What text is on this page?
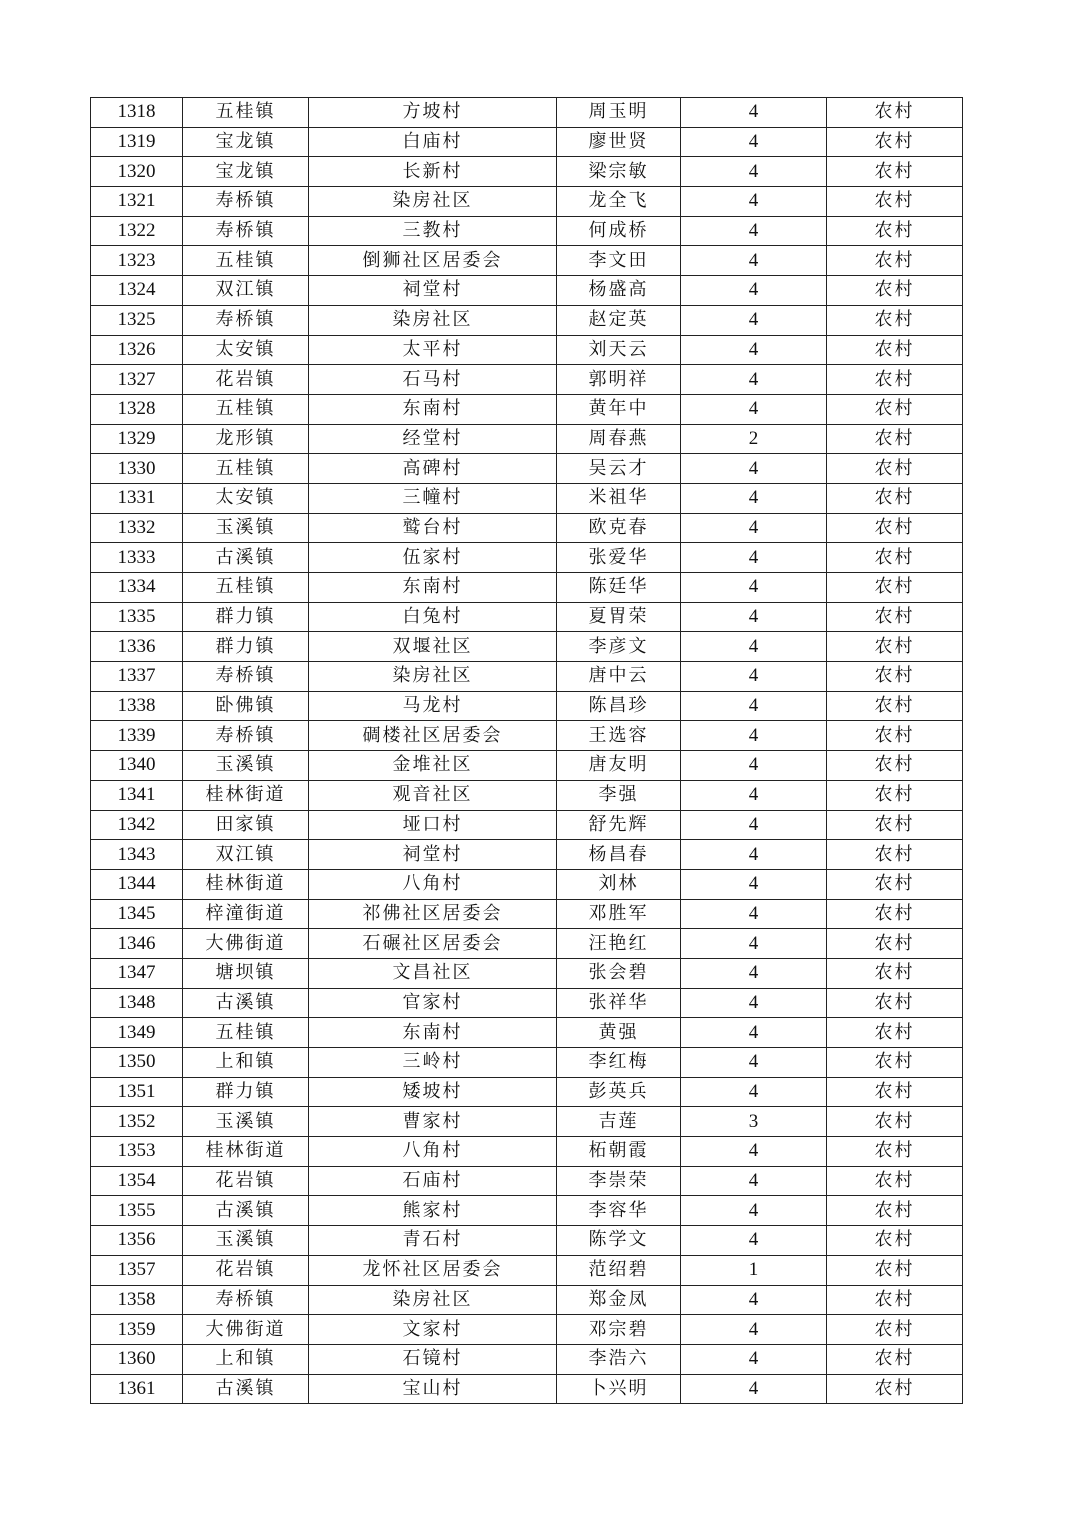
1318	五桂镇	方坡村	周玉明	4	农村
1319	宝龙镇	白庙村	廖世贤	4	农村
1320	宝龙镇	长新村	梁宗敏	4	农村
1321	寿桥镇	染房社区	龙全飞	4	农村
1322	寿桥镇	三教村	何成桥	4	农村
1323	五桂镇	倒狮社区居委会	李文田	4	农村
1324	双江镇	祠堂村	杨盛高	4	农村
1325	寿桥镇	染房社区	赵定英	4	农村
1326	太安镇	太平村	刘天云	4	农村
1327	花岩镇	石马村	郭明祥	4	农村
1328	五桂镇	东南村	黄年中	4	农村
1329	龙形镇	经堂村	周春燕	2	农村
1330	五桂镇	高碑村	吴云才	4	农村
1331	太安镇	三幢村	米祖华	4	农村
1332	玉溪镇	鹫台村	欧克春	4	农村
1333	古溪镇	伍家村	张爱华	4	农村
1334	五桂镇	东南村	陈廷华	4	农村
1335	群力镇	白兔村	夏胃荣	4	农村
1336	群力镇	双堰社区	李彦文	4	农村
1337	寿桥镇	染房社区	唐中云	4	农村
1338	卧佛镇	马龙村	陈昌珍	4	农村
1339	寿桥镇	碉楼社区居委会	王选容	4	农村
1340	玉溪镇	金堆社区	唐友明	4	农村
1341	桂林街道	观音社区	李强	4	农村
1342	田家镇	垭口村	舒先辉	4	农村
1343	双江镇	祠堂村	杨昌春	4	农村
1344	桂林街道	八角村	刘林	4	农村
1345	梓潼街道	祁佛社区居委会	邓胜军	4	农村
1346	大佛街道	石碾社区居委会	汪艳红	4	农村
1347	塘坝镇	文昌社区	张会碧	4	农村
1348	古溪镇	官家村	张祥华	4	农村
1349	五桂镇	东南村	黄强	4	农村
1350	上和镇	三岭村	李红梅	4	农村
1351	群力镇	矮坡村	彭英兵	4	农村
1352	玉溪镇	曹家村	吉莲	3	农村
1353	桂林街道	八角村	柘朝霞	4	农村
1354	花岩镇	石庙村	李崇荣	4	农村
1355	古溪镇	熊家村	李容华	4	农村
1356	玉溪镇	青石村	陈学文	4	农村
1357	花岩镇	龙怀社区居委会	范绍碧	1	农村
1358	寿桥镇	染房社区	郑金凤	4	农村
1359	大佛街道	文家村	邓宗碧	4	农村
1360	上和镇	石镜村	李浩六	4	农村
1361	古溪镇	宝山村	卜兴明	4	农村
